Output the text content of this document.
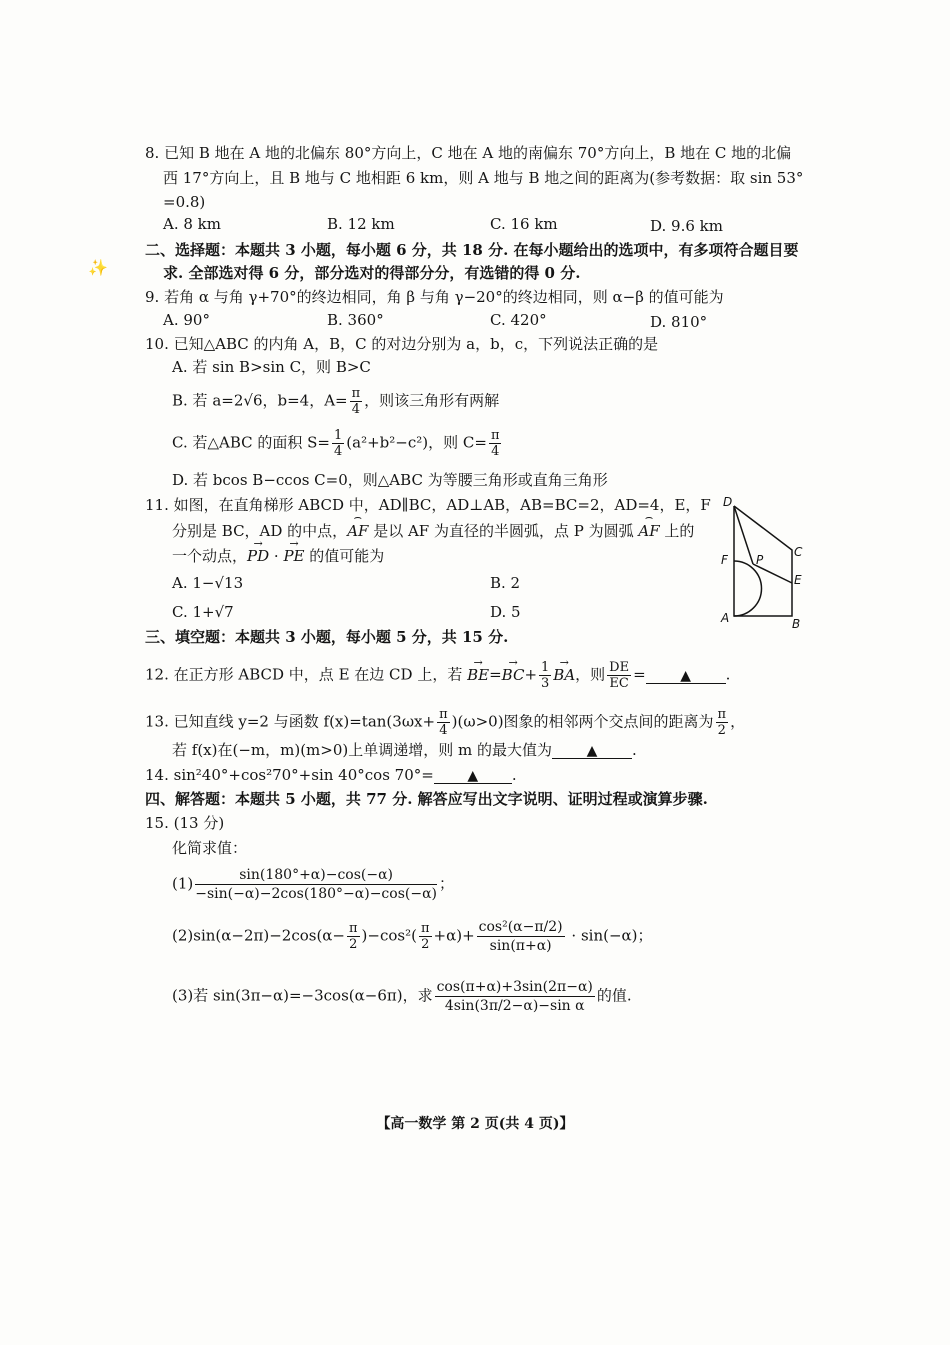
8. 已知 B 地在 A 地的北偏东 80°方向上，C 地在 A 地的南偏东 70°方向上，B 地在 C 地的北偏
西 17°方向上，且 B 地与 C 地相距 6 km，则 A 地与 B 地之间的距离为(参考数据：取 sin 53°
=0.8)
A. 8 km	B. 12 km	C. 16 km	D. 9.6 km
✨
二、选择题：本题共 3 小题，每小题 6 分，共 18 分. 在每小题给出的选项中，有多项符合题目要
求. 全部选对得 6 分，部分选对的得部分分，有选错的得 0 分.
9. 若角 α 与角 γ+70°的终边相同，角 β 与角 γ−20°的终边相同，则 α−β 的值可能为
A. 90°	B. 360°	C. 420°	D. 810°
10. 已知△ABC 的内角 A，B，C 的对边分别为 a，b，c，下列说法正确的是
A. 若 sin B>sin C，则 B>C
B. 若 a=2√6，b=4，$A= \frac{\pi}{4}$ ，则该三角形有两解
C. 若△ABC 的面积 $S= \frac{1}{4} (a^2+b^2-c^2)$，则 $C= \frac{\pi}{4}$
D. 若 bcos B−ccos C=0，则△ABC 为等腰三角形或直角三角形
11. 如图，在直角梯形 ABCD 中，AD∥BC，AD⊥AB，AB=BC=2，AD=4，E，F
分别是 BC，AD 的中点，⌢ AF 是以 AF 为直径的半圆弧，点 P 为圆弧 ⌢ AF 上的
一个动点，→ PD · → PE 的值可能为
A. 1−√13	B. 2
C. 1+√7	D. 5
D
F P
C
E
A	B
三、填空题：本题共 3 小题，每小题 5 分，共 15 分.
12. 在正方形 ABCD 中，点 E 在边 CD 上，若 → $BE=\to BC+ \frac{1}{3}$
→ BA，则 $\frac{DE}{EC}$ = ▲ .
13. 已知直线 y=2 与函数 $f(x)=\tan(3\omega x+ \frac{\pi}{4} )(\omega>0)$图象的相邻两个交点间的距离为 $\frac{\pi}{2}$ ，
若 f(x)在(−m，m)(m>0)上单调递增，则 m 的最大值为 ▲ .
14. sin²40°+cos²70°+sin 40°cos 70°= ▲ .
四、解答题：本题共 5 小题，共 77 分. 解答应写出文字说明、证明过程或演算步骤.
15. (13 分)
化简求值：
$(1) \frac{\sin(180^\circ+\alpha)-\cos(-\alpha)}{-\sin(-\alpha)-2\cos(180^\circ-\alpha)-\cos(-\alpha)}$ ；
$(2)\sin(\alpha-2\pi)-2\cos(\alpha- \frac{\pi}{2} )-\cos^2( \frac{\pi}{2} +\alpha)+ \frac{\text{cos²(α−π/2)}}{\sin(\pi+\alpha)} \cdot \sin(-\alpha)$；
(3)若 sin(3π−α)=−3cos(α−6π)，求 $\frac{\cos(\pi+\alpha)+3\sin(2\pi-\alpha)}{\text{4sin(3π/2−α)−sin α}}$ 的值.
【高一数学 第 2 页(共 4 页)】
